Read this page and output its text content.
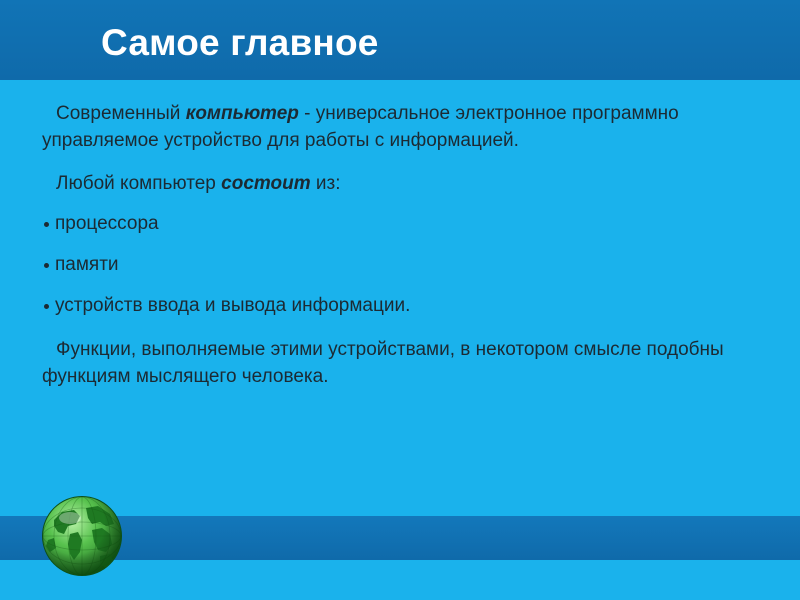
Самое главное

Современный компьютер - универсальное электронное программно управляемое устройство для работы с информацией.

Любой компьютер состоит из:

процессора
памяти
устройств ввода и вывода информации.

Функции, выполняемые этими устройствами, в некотором смысле подобны функциям мыслящего человека.
